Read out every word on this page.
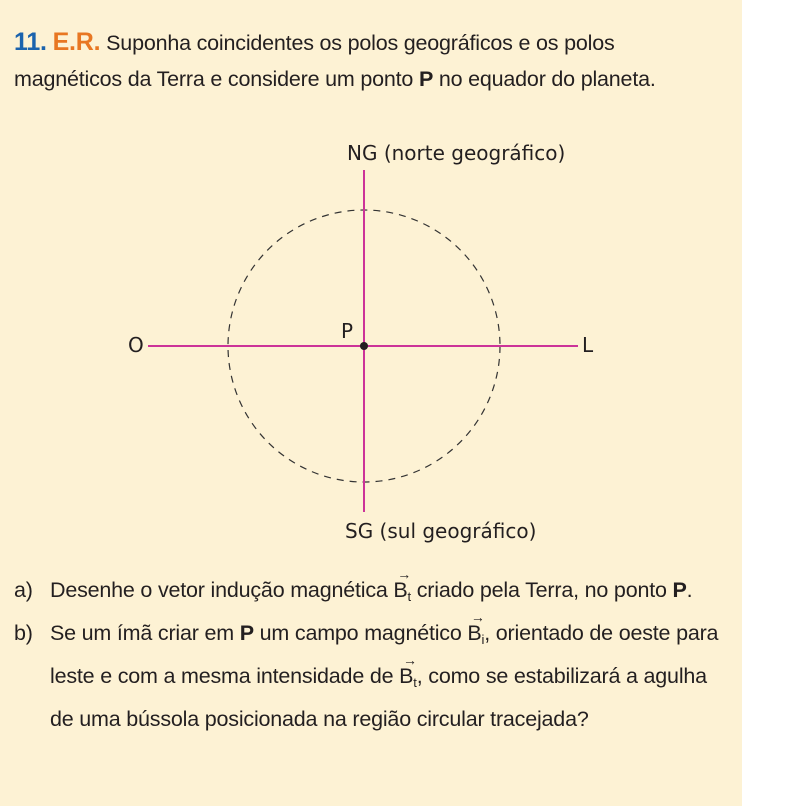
11. E.R. Suponha coincidentes os polos geográficos e os polos magnéticos da Terra e considere um ponto P no equador do planeta.
NG (norte geográfico)
P
O	L
SG (sul geográfico)
a) Desenhe o vetor indução magnética
→
$B_t$ criado pela Terra, no ponto P.
b) Se um ímã criar em P um campo magnético
→
$B_i$, orientado de oeste para leste e com a mesma intensidade de
→
$B_t$, como se estabilizará a agulha de uma bússola posicionada na região circular tracejada?
